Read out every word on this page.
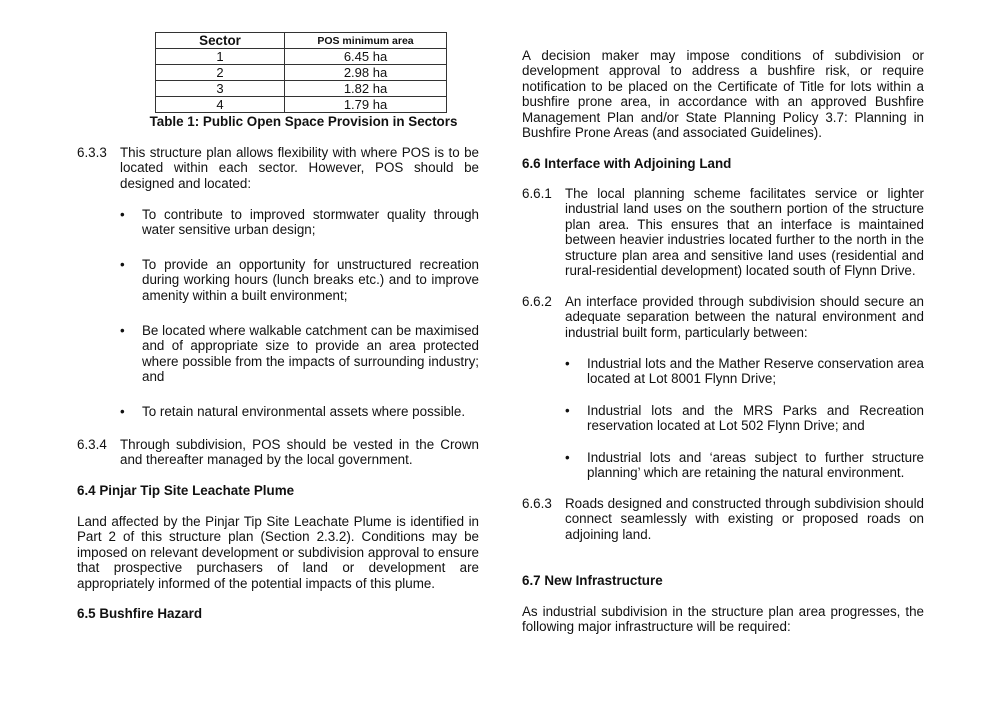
Sector	POS minimum area
1	6.45 ha
2	2.98 ha
3	1.82 ha
4	1.79 ha

Table 1: Public Open Space Provision in Sectors

6.3.3 This structure plan allows flexibility with where POS is to be located within each sector. However, POS should be designed and located:

• To contribute to improved stormwater quality through water sensitive urban design;

• To provide an opportunity for unstructured recreation during working hours (lunch breaks etc.) and to improve amenity within a built environment;

• Be located where walkable catchment can be maximised and of appropriate size to provide an area protected where possible from the impacts of surrounding industry; and

• To retain natural environmental assets where possible.

6.3.4 Through subdivision, POS should be vested in the Crown and thereafter managed by the local government.

6.4 Pinjar Tip Site Leachate Plume

Land affected by the Pinjar Tip Site Leachate Plume is identified in Part 2 of this structure plan (Section 2.3.2). Conditions may be imposed on relevant development or subdivision approval to ensure that prospective purchasers of land or development are appropriately informed of the potential impacts of this plume.

6.5 Bushfire Hazard

A decision maker may impose conditions of subdivision or development approval to address a bushfire risk, or require notification to be placed on the Certificate of Title for lots within a bushfire prone area, in accordance with an approved Bushfire Management Plan and/or State Planning Policy 3.7: Planning in Bushfire Prone Areas (and associated Guidelines).

6.6 Interface with Adjoining Land

6.6.1 The local planning scheme facilitates service or lighter industrial land uses on the southern portion of the structure plan area. This ensures that an interface is maintained between heavier industries located further to the north in the structure plan area and sensitive land uses (residential and rural-residential development) located south of Flynn Drive.

6.6.2 An interface provided through subdivision should secure an adequate separation between the natural environment and industrial built form, particularly between:

• Industrial lots and the Mather Reserve conservation area located at Lot 8001 Flynn Drive;

• Industrial lots and the MRS Parks and Recreation reservation located at Lot 502 Flynn Drive; and

• Industrial lots and ‘areas subject to further structure planning’ which are retaining the natural environment.

6.6.3 Roads designed and constructed through subdivision should connect seamlessly with existing or proposed roads on adjoining land.

6.7 New Infrastructure

As industrial subdivision in the structure plan area progresses, the following major infrastructure will be required:
